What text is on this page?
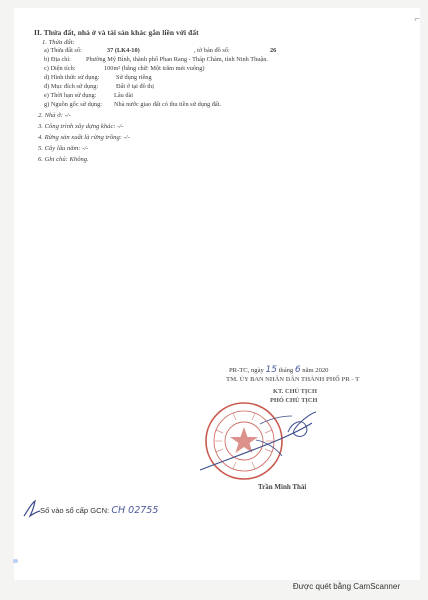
⌐
II. Thửa đất, nhà ở và tài sản khác gắn liền với đất
1. Thửa đất:
a) Thửa đất số:	37 (LK4-10)	, tờ bản đồ số:	26
b) Địa chỉ: Phường Mỹ Bình, thành phố Phan Rang - Tháp Chàm, tỉnh Ninh Thuận.
c) Diện tích:	100m² (bằng chữ: Một trăm mét vuông)
d) Hình thức sử dụng:	Sử dụng riêng
đ) Mục đích sử dụng:	Đất ở tại đô thị
e) Thời hạn sử dụng:	Lâu dài
g) Nguồn gốc sử dụng: Nhà nước giao đất có thu tiền sử dụng đất.
2. Nhà ở: -/-
3. Công trình xây dựng khác: -/-
4. Rừng sản xuất là rừng trồng: -/-
5. Cây lâu năm: -/-
6. Ghi chú: Không.
PR-TC, ngày 15 tháng 6 năm 2020
TM. ỦY BAN NHÂN DÂN THÀNH PHỐ PR - T
KT. CHỦ TỊCH
PHÓ CHỦ TỊCH
Trần Minh Thái
Số vào sổ cấp GCN: CH 02755
Được quét bằng CamScanner
